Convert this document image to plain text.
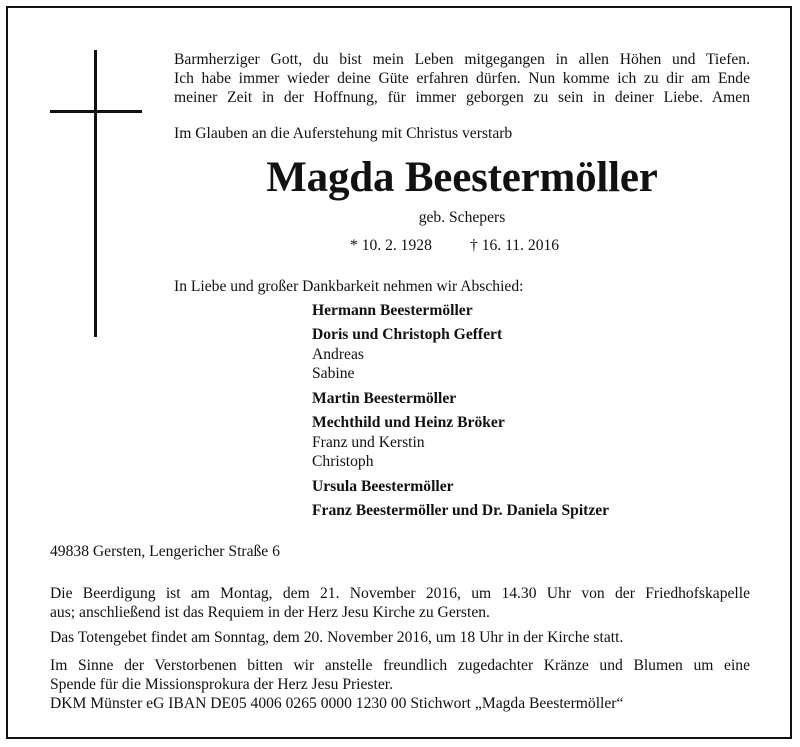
Barmherziger Gott, du bist mein Leben mitgegangen in allen Höhen und Tiefen.
Ich habe immer wieder deine Güte erfahren dürfen. Nun komme ich zu dir am Ende
meiner Zeit in der Hoffnung, für immer geborgen zu sein in deiner Liebe. Amen
Im Glauben an die Auferstehung mit Christus verstarb
Magda Beestermöller
geb. Schepers
* 10. 2. 1928 † 16. 11. 2016
In Liebe und großer Dankbarkeit nehmen wir Abschied:
Hermann Beestermöller
Doris und Christoph Geffert
Andreas
Sabine
Martin Beestermöller
Mechthild und Heinz Bröker
Franz und Kerstin
Christoph
Ursula Beestermöller
Franz Beestermöller und Dr. Daniela Spitzer
49838 Gersten, Lengericher Straße 6
Die Beerdigung ist am Montag, dem 21. November 2016, um 14.30 Uhr von der Friedhofskapelle
aus; anschließend ist das Requiem in der Herz Jesu Kirche zu Gersten.
Das Totengebet findet am Sonntag, dem 20. November 2016, um 18 Uhr in der Kirche statt.
Im Sinne der Verstorbenen bitten wir anstelle freundlich zugedachter Kränze und Blumen um eine
Spende für die Missionsprokura der Herz Jesu Priester.
DKM Münster eG IBAN DE05 4006 0265 0000 1230 00 Stichwort „Magda Beestermöller“
